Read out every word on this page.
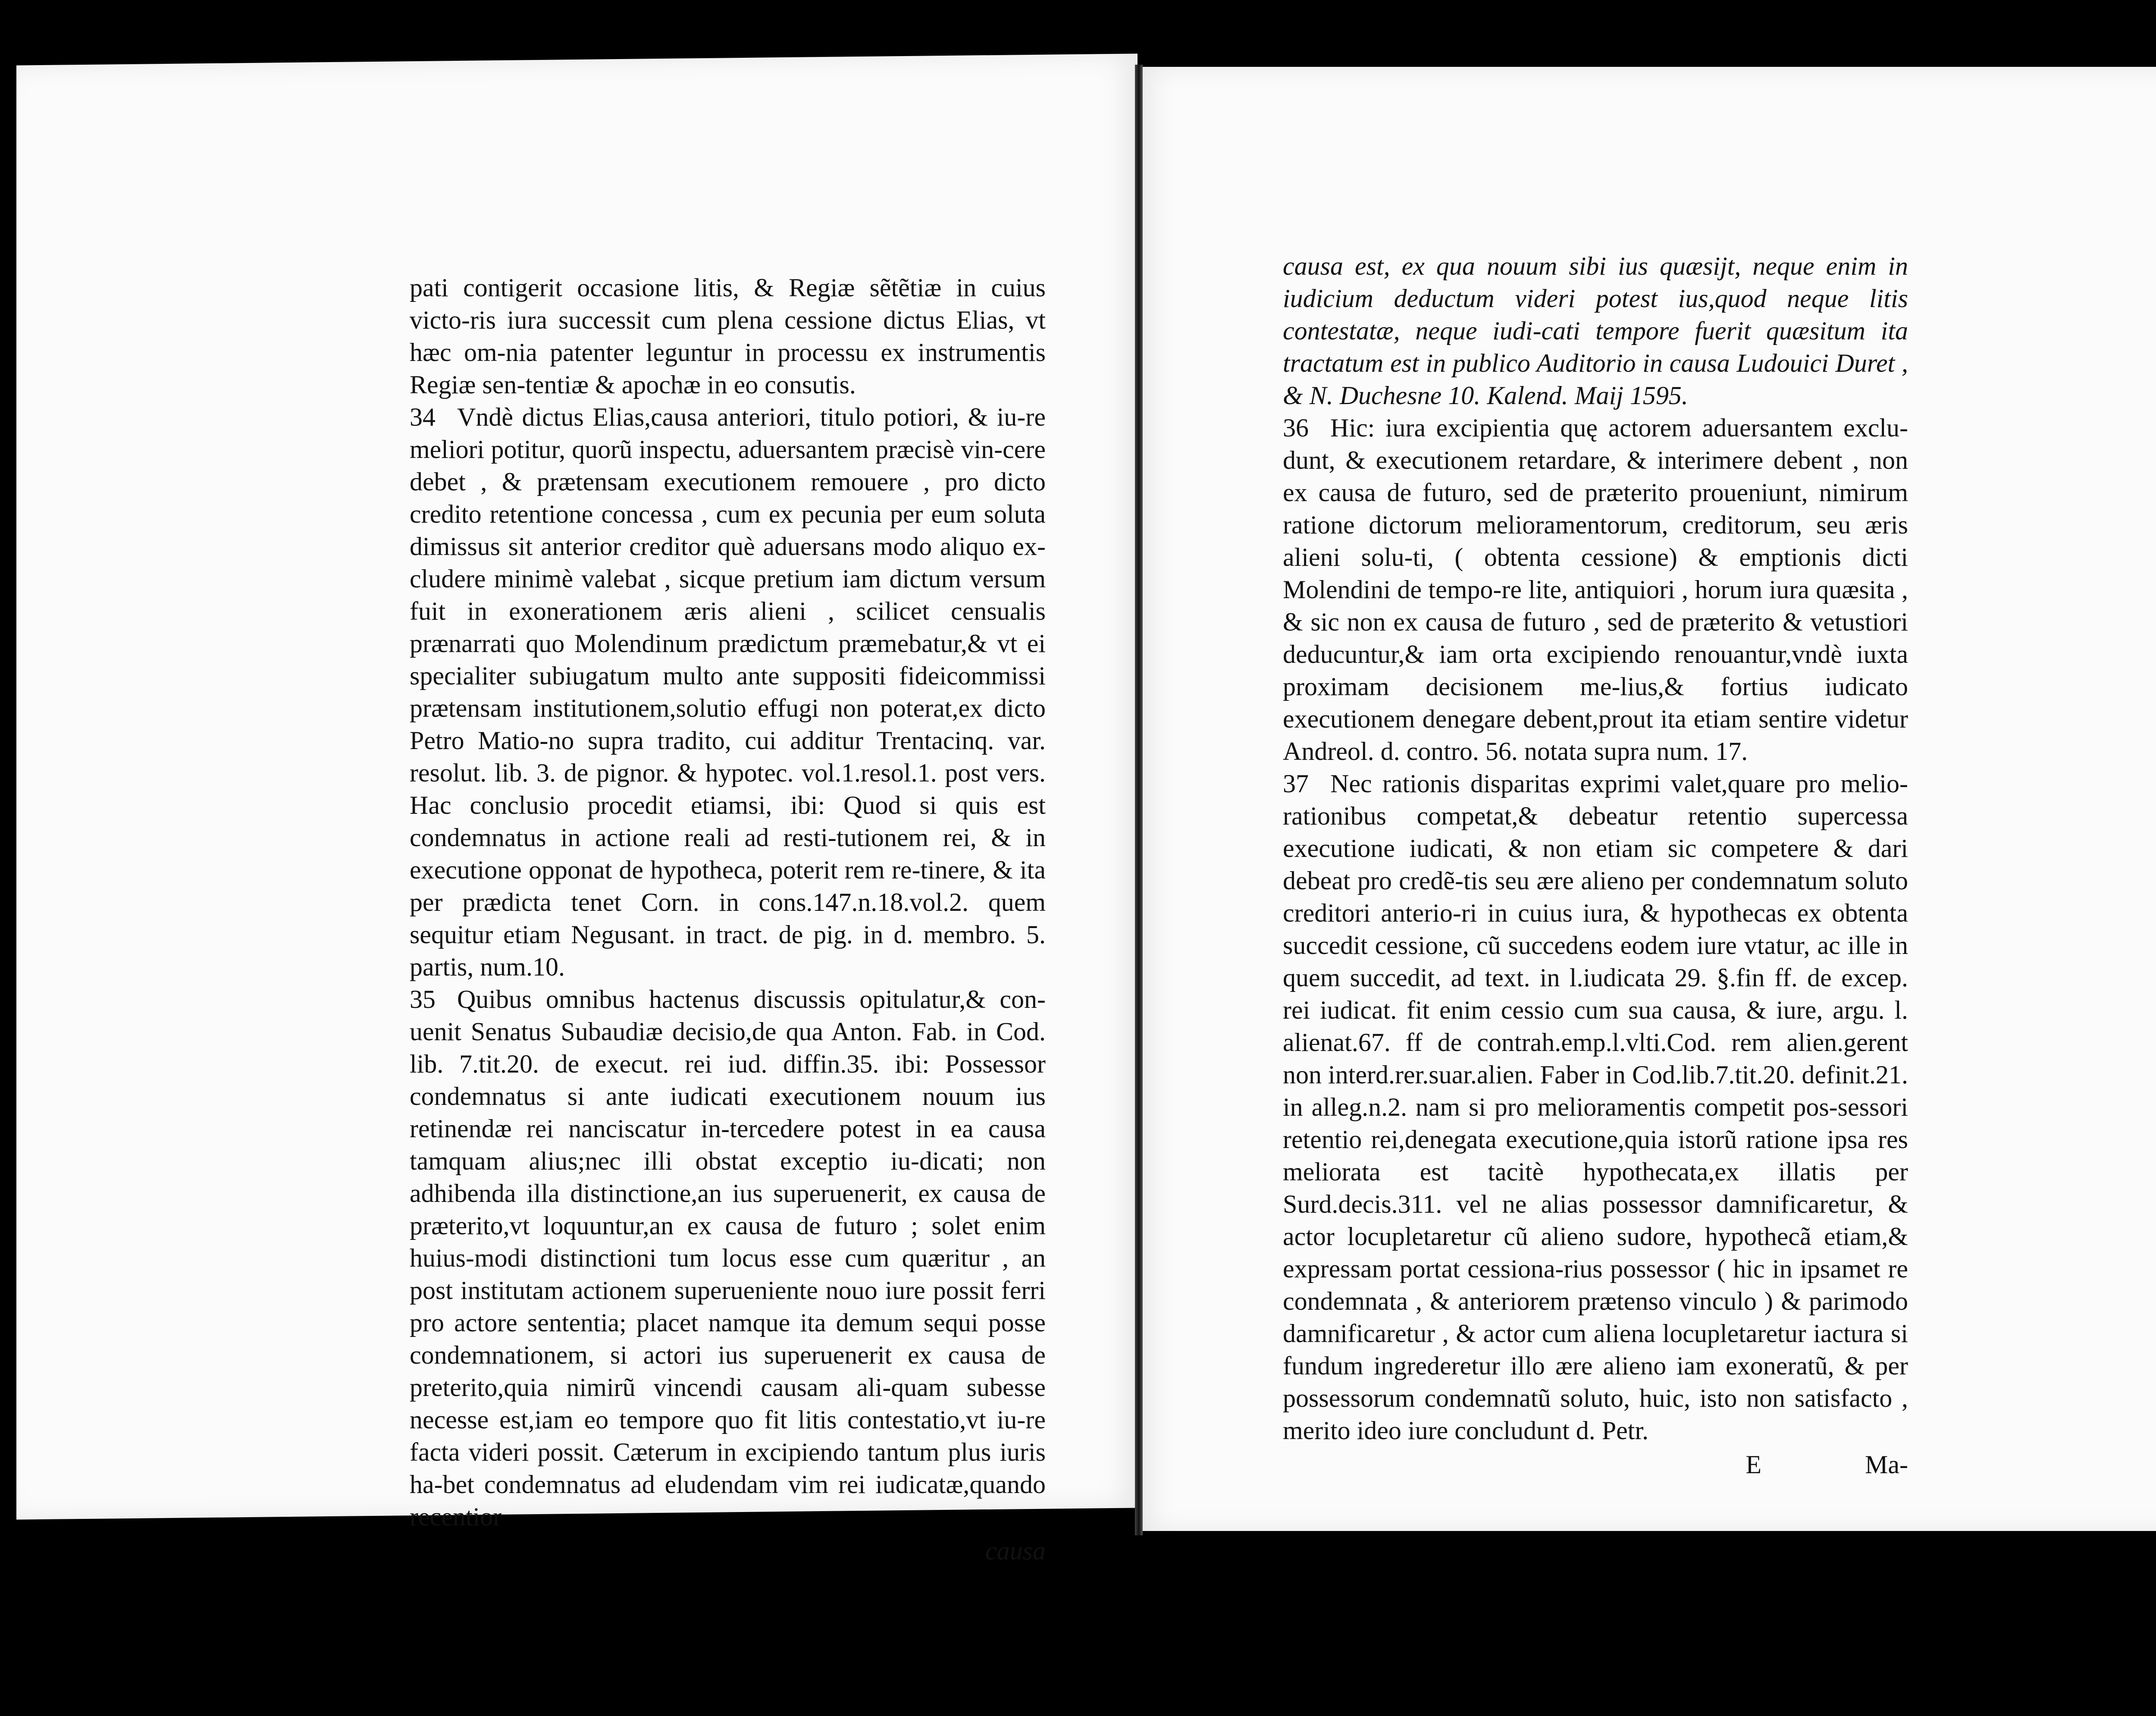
pati contigerit occasione litis, & Regiæ sẽtẽtiæ in cuius victo-ris iura successit cum plena cessione dictus Elias, vt hæc om-nia patenter leguntur in processu ex instrumentis Regiæ sen-tentiæ & apochæ in eo consutis.

34 Vndè dictus Elias,causa anteriori, titulo potiori, & iu-re meliori potitur, quorũ inspectu, aduersantem præcisè vin-cere debet , & prætensam executionem remouere , pro dicto credito retentione concessa , cum ex pecunia per eum soluta dimissus sit anterior creditor què aduersans modo aliquo ex-cludere minimè valebat , sicque pretium iam dictum versum fuit in exonerationem æris alieni , scilicet censualis prænarrati quo Molendinum prædictum præmebatur,& vt ei specialiter subiugatum multo ante suppositi fideicommissi prætensam institutionem,solutio effugi non poterat,ex dicto Petro Matio-no supra tradito, cui additur Trentacinq. var. resolut. lib. 3. de pignor. & hypotec. vol.1.resol.1. post vers. Hac conclusio procedit etiamsi, ibi: Quod si quis est condemnatus in actione reali ad resti-tutionem rei, & in executione opponat de hypotheca, poterit rem re-tinere, & ita per prædicta tenet Corn. in cons.147.n.18.vol.2. quem sequitur etiam Negusant. in tract. de pig. in d. membro. 5. partis, num.10.

35 Quibus omnibus hactenus discussis opitulatur,& con-uenit Senatus Subaudiæ decisio,de qua Anton. Fab. in Cod. lib. 7.tit.20. de execut. rei iud. diffin.35. ibi: Possessor condemnatus si ante iudicati executionem nouum ius retinendæ rei nanciscatur in-tercedere potest in ea causa tamquam alius;nec illi obstat exceptio iu-dicati; non adhibenda illa distinctione,an ius superuenerit, ex causa de præterito,vt loquuntur,an ex causa de futuro ; solet enim huius-modi distinctioni tum locus esse cum quæritur , an post institutam actionem superueniente nouo iure possit ferri pro actore sententia; placet namque ita demum sequi posse condemnationem, si actori ius superuenerit ex causa de preterito,quia nimirũ vincendi causam ali-quam subesse necesse est,iam eo tempore quo fit litis contestatio,vt iu-re facta videri possit. Cæterum in excipiendo tantum plus iuris ha-bet condemnatus ad eludendam vim rei iudicatæ,quando recentior

causa

causa est, ex qua nouum sibi ius quæsijt, neque enim in iudicium deductum videri potest ius,quod neque litis contestatæ, neque iudi-cati tempore fuerit quæsitum ita tractatum est in publico Auditorio in causa Ludouici Duret , & N. Duchesne 10. Kalend. Maij 1595.

36 Hic: iura excipientia quę actorem aduersantem exclu-dunt, & executionem retardare, & interimere debent , non ex causa de futuro, sed de præterito proueniunt, nimirum ratione dictorum melioramentorum, creditorum, seu æris alieni solu-ti, ( obtenta cessione) & emptionis dicti Molendini de tempo-re lite, antiquiori , horum iura quæsita , & sic non ex causa de futuro , sed de præterito & vetustiori deducuntur,& iam orta excipiendo renouantur,vndè iuxta proximam decisionem me-lius,& fortius iudicato executionem denegare debent,prout ita etiam sentire videtur Andreol. d. contro. 56. notata supra num. 17.

37 Nec rationis disparitas exprimi valet,quare pro melio-rationibus competat,& debeatur retentio supercessa executione iudicati, & non etiam sic competere & dari debeat pro credẽ-tis seu ære alieno per condemnatum soluto creditori anterio-ri in cuius iura, & hypothecas ex obtenta succedit cessione, cũ succedens eodem iure vtatur, ac ille in quem succedit, ad text. in l.iudicata 29. §.fin ff. de excep. rei iudicat. fit enim cessio cum sua causa, & iure, argu. l. alienat.67. ff de contrah.emp.l.vlti.Cod. rem alien.gerent non interd.rer.suar.alien. Faber in Cod.lib.7.tit.20. definit.21. in alleg.n.2. nam si pro melioramentis competit pos-sessori retentio rei,denegata executione,quia istorũ ratione ipsa res meliorata est tacitè hypothecata,ex illatis per Surd.decis.311. vel ne alias possessor damnificaretur, & actor locupletaretur cũ alieno sudore, hypothecã etiam,& expressam portat cessiona-rius possessor ( hic in ipsamet re condemnata , & anteriorem prætenso vinculo ) & parimodo damnificaretur , & actor cum aliena locupletaretur iactura si fundum ingrederetur illo ære alieno iam exoneratũ, & per possessorum condemnatũ soluto, huic, isto non satisfacto , merito ideo iure concludunt d. Petr.

E	Ma-
